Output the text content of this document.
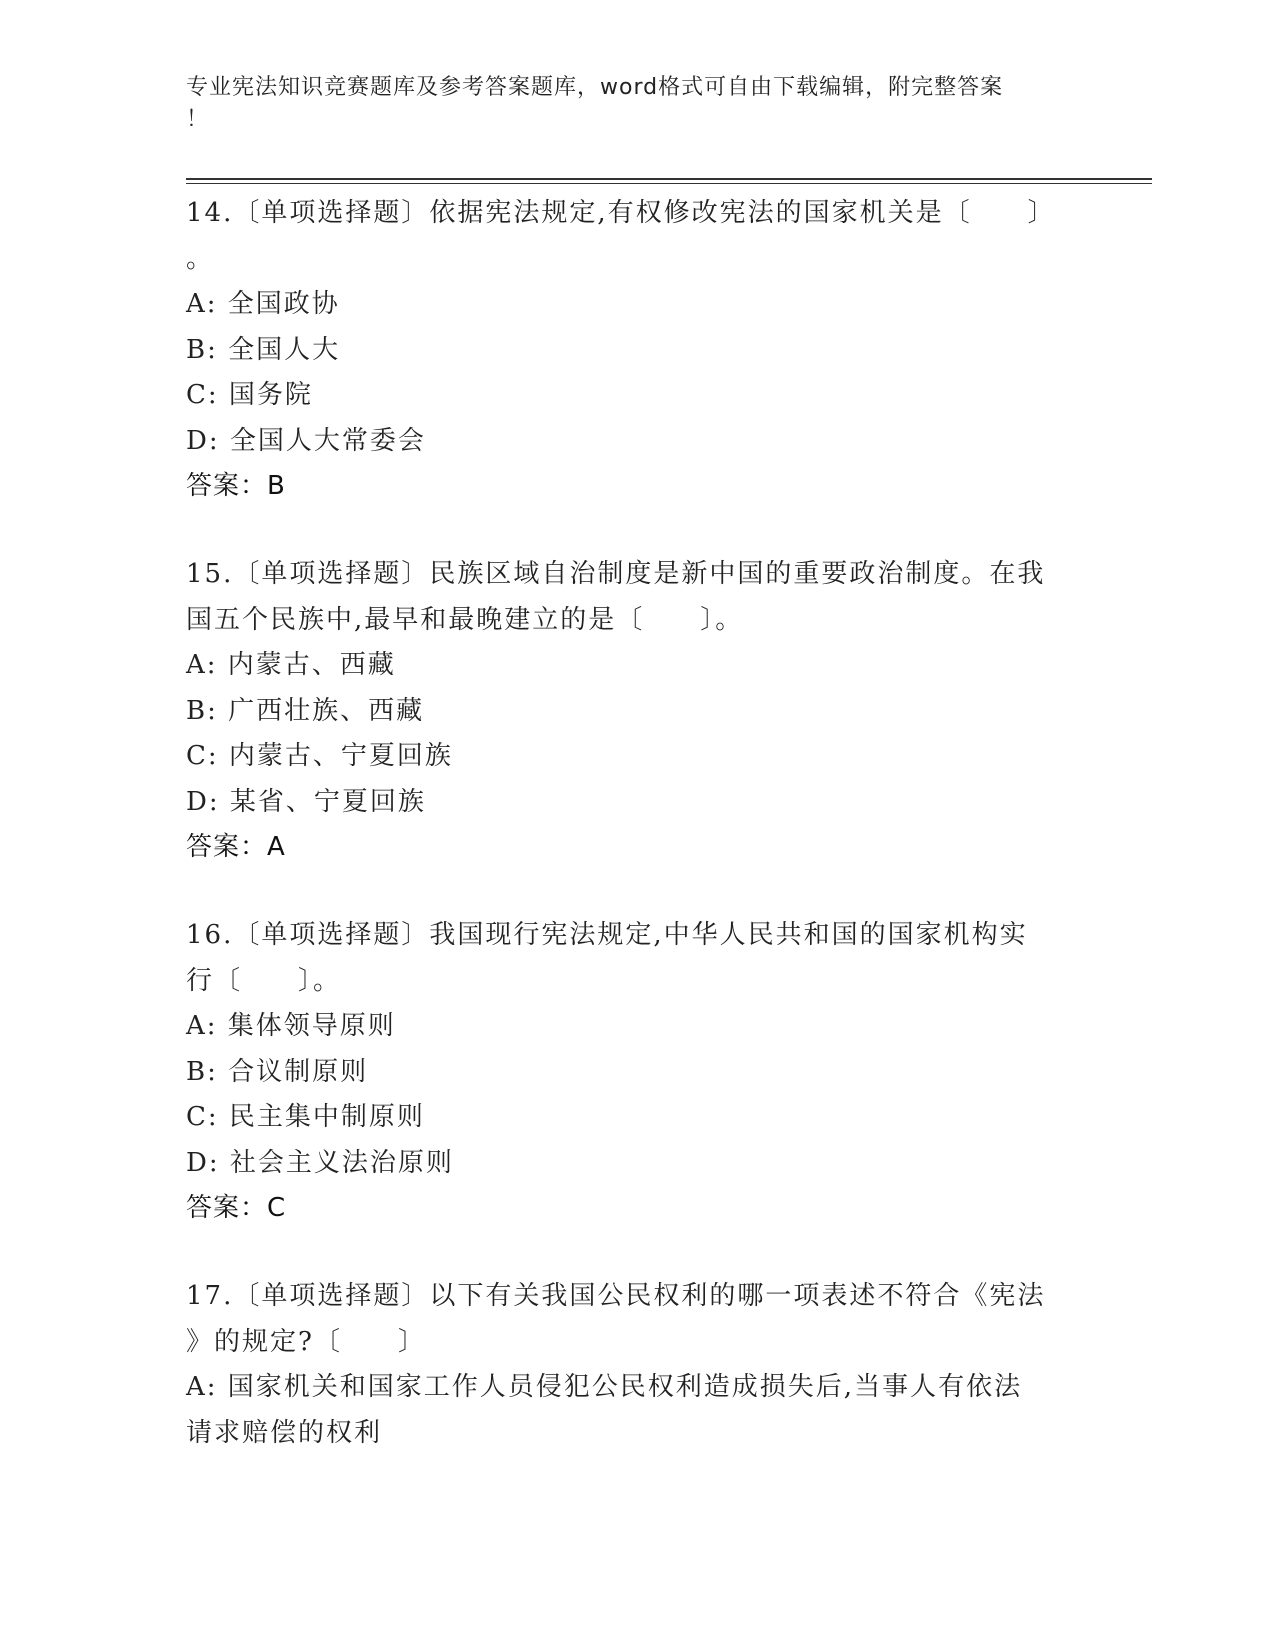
专业宪法知识竞赛题库及参考答案题库，word格式可自由下载编辑，附完整答案
！
14.〔单项选择题〕依据宪法规定,有权修改宪法的国家机关是〔　　〕
。
A: 全国政协
B: 全国人大
C: 国务院
D: 全国人大常委会
答案：B
15.〔单项选择题〕民族区域自治制度是新中国的重要政治制度。在我
国五个民族中,最早和最晚建立的是〔　　〕。
A: 内蒙古、西藏
B: 广西壮族、西藏
C: 内蒙古、宁夏回族
D: 某省、宁夏回族
答案：A
16.〔单项选择题〕我国现行宪法规定,中华人民共和国的国家机构实
行〔　　〕。
A: 集体领导原则
B: 合议制原则
C: 民主集中制原则
D: 社会主义法治原则
答案：C
17.〔单项选择题〕以下有关我国公民权利的哪一项表述不符合《宪法
》的规定?〔　　〕
A: 国家机关和国家工作人员侵犯公民权利造成损失后,当事人有依法
请求赔偿的权利
